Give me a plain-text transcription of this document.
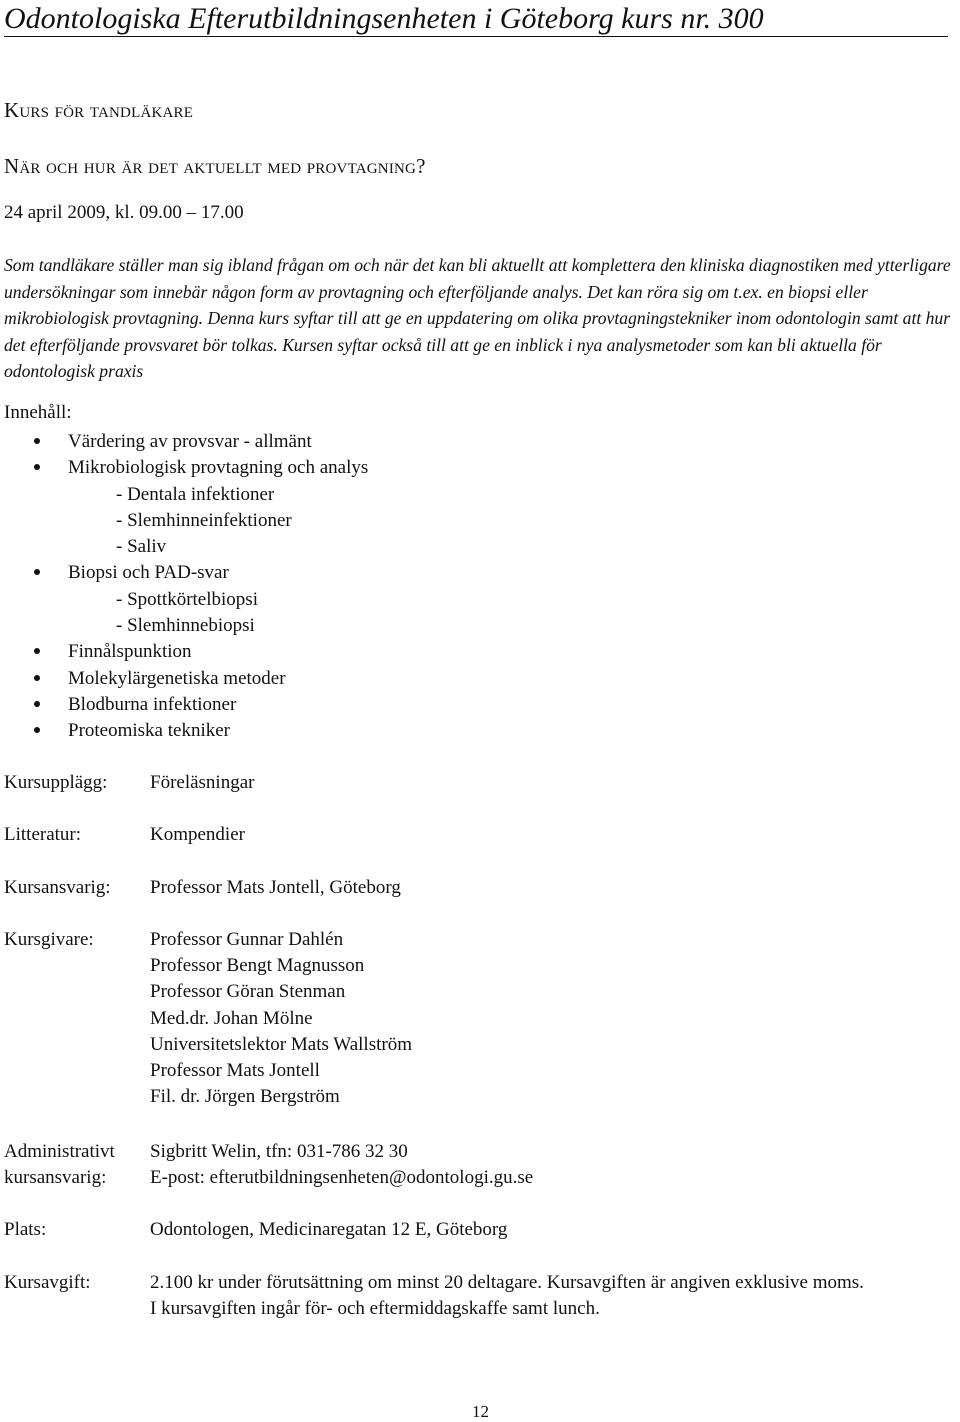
Odontologiska Efterutbildningsenheten i Göteborg kurs nr. 300
Kurs för tandläkare
När och hur är det aktuellt med provtagning?
24 april 2009, kl. 09.00 – 17.00

Som tandläkare ställer man sig ibland frågan om och när det kan bli aktuellt att komplettera den kliniska diagnostiken med ytterligare undersökningar som innebär någon form av provtagning och efterföljande analys. Det kan röra sig om t.ex. en biopsi eller mikrobiologisk provtagning. Denna kurs syftar till att ge en uppdatering om olika provtagningstekniker inom odontologin samt att hur det efterföljande provsvaret bör tolkas. Kursen syftar också till att ge en inblick i nya analysmetoder som kan bli aktuella för odontologisk praxis

Innehåll:
Värdering av provsvar - allmänt
Mikrobiologisk provtagning och analys
- Dentala infektioner
- Slemhinneinfektioner
- Saliv
Biopsi och PAD-svar
- Spottkörtelbiopsi
- Slemhinnebiopsi
Finnålspunktion
Molekylärgenetiska metoder
Blodburna infektioner
Proteomiska tekniker
Kursupplägg: Föreläsningar
Litteratur:	Kompendier
Kursansvarig: Professor Mats Jontell, Göteborg
Kursgivare:	Professor Gunnar Dahlén
Professor Bengt Magnusson
Professor Göran Stenman
Med.dr. Johan Mölne
Universitetslektor Mats Wallström
Professor Mats Jontell
Fil. dr. Jörgen Bergström
Administrativt
kursansvarig:
Sigbritt Welin, tfn: 031-786 32 30
E-post: efterutbildningsenheten@odontologi.gu.se
Plats:	Odontologen, Medicinaregatan 12 E, Göteborg
Kursavgift:	2.100 kr under förutsättning om minst 20 deltagare. Kursavgiften är angiven exklusive moms.
I kursavgiften ingår för- och eftermiddagskaffe samt lunch.
12
